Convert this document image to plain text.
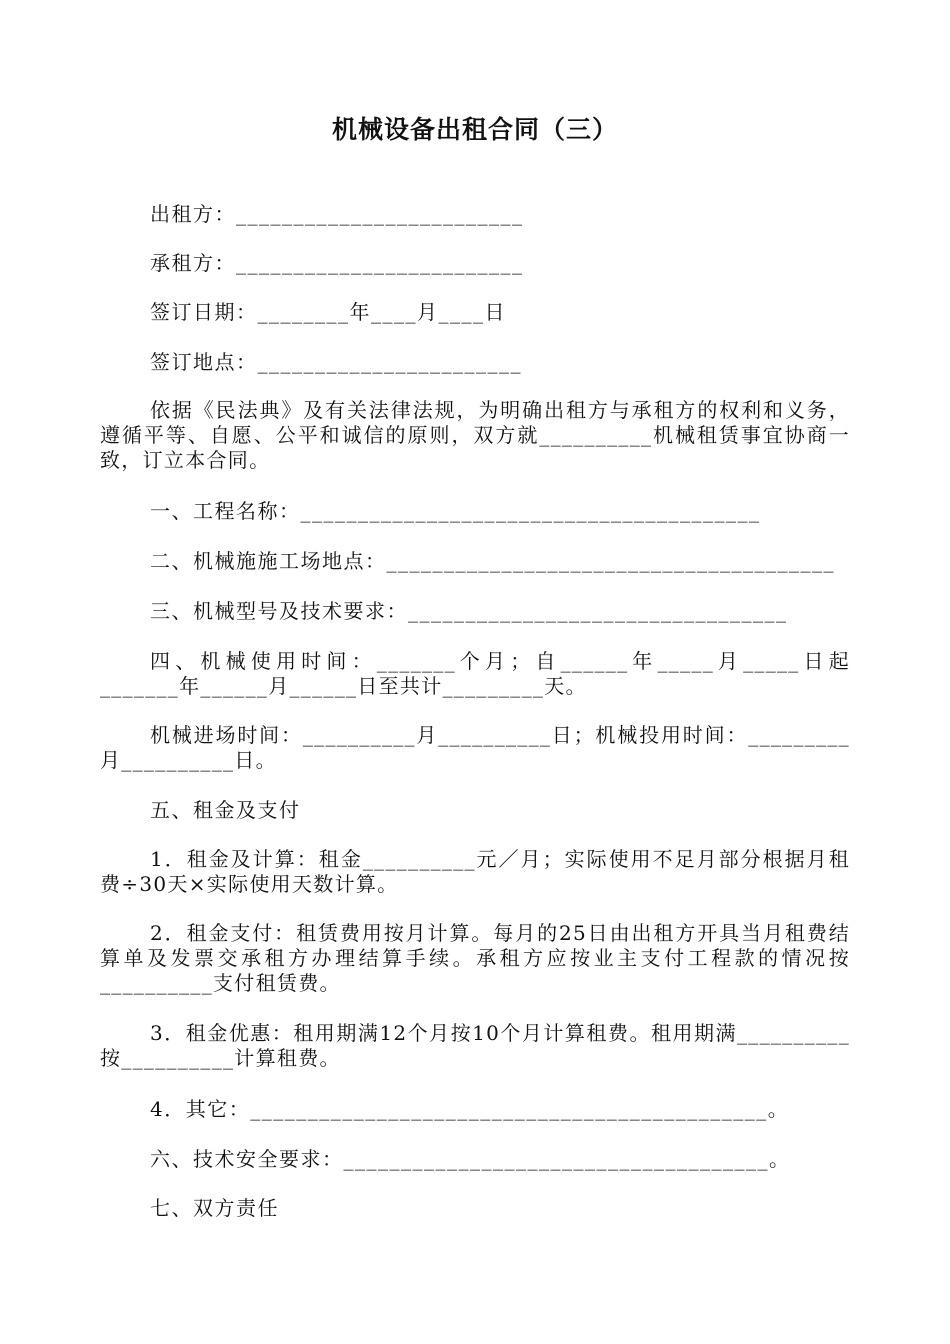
机械设备出租合同（三）

出租方：_________________________

承租方：_________________________

签订日期：________年____月____日

签订地点：_______________________

依据《民法典》及有关法律法规，为明确出租方与承租方的权利和义务，遵循平等、自愿、公平和诚信的原则，双方就__________机械租赁事宜协商一致，订立本合同。

一、工程名称：________________________________________

二、机械施施工场地点：_______________________________________

三、机械型号及技术要求：_________________________________

四、机械使用时间：_______个月；自______年_____月_____日起_______年______月______日至共计_________天。

机械进场时间：__________月__________日；机械投用时间：_________月__________日。

五、租金及支付

1．租金及计算：租金__________元／月；实际使用不足月部分根据月租费÷30天×实际使用天数计算。

2．租金支付：租赁费用按月计算。每月的25日由出租方开具当月租费结算单及发票交承租方办理结算手续。承租方应按业主支付工程款的情况按__________支付租赁费。

3．租金优惠：租用期满12个月按10个月计算租费。租用期满__________按__________计算租费。

4．其它：_____________________________________________。

六、技术安全要求：_____________________________________。

七、双方责任
